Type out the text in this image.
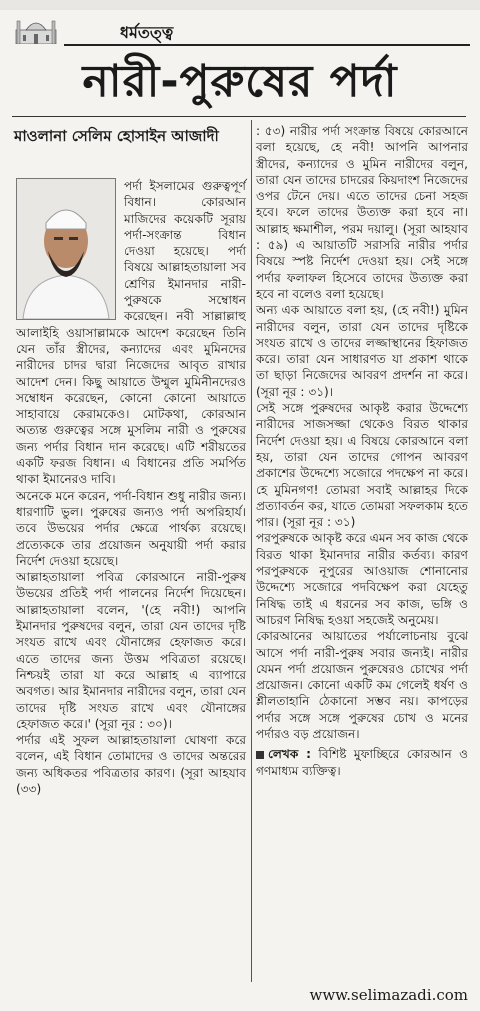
ধর্মতত্ত্ব
নারী-পুরুষের পর্দা
মাওলানা সেলিম হোসাইন আজাদী

পর্দা ইসলামের গুরুত্বপূর্ণ বিধান। কোরআন মাজিদের কয়েকটি সূরায় পর্দা-সংক্রান্ত বিধান দেওয়া হয়েছে। পর্দা বিষয়ে আল্লাহতায়ালা সব শ্রেণির ইমানদার নারী-পুরুষকে সম্বোধন করেছেন। নবী সাল্লাল্লাহু আলাইহি ওয়াসাল্লামকে আদেশ করেছেন তিনি যেন তাঁর স্ত্রীদের, কন্যাদের এবং মুমিনদের নারীদের চাদর দ্বারা নিজেদের আবৃত রাখার আদেশ দেন। কিছু আয়াতে উম্মুল মুমিনীনদেরও সম্বোধন করেছেন, কোনো কোনো আয়াতে সাহাবায়ে কেরামকেও। মোটকথা, কোরআন অত্যন্ত গুরুত্বের সঙ্গে মুসলিম নারী ও পুরুষের জন্য পর্দার বিধান দান করেছে। এটি শরীয়তের একটি ফরজ বিধান। এ বিধানের প্রতি সমর্পিত থাকা ইমানেরও দাবি।

অনেকে মনে করেন, পর্দা-বিধান শুধু নারীর জন্য। ধারণাটি ভুল। পুরুষের জন্যও পর্দা অপরিহার্য। তবে উভয়ের পর্দার ক্ষেত্রে পার্থক্য রয়েছে। প্রত্যেককে তার প্রয়োজন অনুযায়ী পর্দা করার নির্দেশ দেওয়া হয়েছে।

আল্লাহতায়ালা পবিত্র কোরআনে নারী-পুরুষ উভয়ের প্রতিই পর্দা পালনের নির্দেশ দিয়েছেন। আল্লাহতায়ালা বলেন, '(হে নবী!) আপনি ইমানদার পুরুষদের বলুন, তারা যেন তাদের দৃষ্টি সংযত রাখে এবং যৌনাঙ্গের হেফাজত করে। এতে তাদের জন্য উত্তম পবিত্রতা রয়েছে। নিশ্চয়ই তারা যা করে আল্লাহ এ ব্যাপারে অবগত। আর ইমানদার নারীদের বলুন, তারা যেন তাদের দৃষ্টি সংযত রাখে এবং যৌনাঙ্গের হেফাজত করে।' (সূরা নূর : ৩০)।

পর্দার এই সুফল আল্লাহতায়ালা ঘোষণা করে বলেন, এই বিধান তোমাদের ও তাদের অন্তরের জন্য অধিকতর পবিত্রতার কারণ। (সূরা আহযাব (৩৩)

: ৫৩) নারীর পর্দা সংক্রান্ত বিষয়ে কোরআনে বলা হয়েছে, হে নবী! আপনি আপনার স্ত্রীদের, কন্যাদের ও মুমিন নারীদের বলুন, তারা যেন তাদের চাদরের কিয়দাংশ নিজেদের ওপর টেনে দেয়। এতে তাদের চেনা সহজ হবে। ফলে তাদের উত্যক্ত করা হবে না। আল্লাহ ক্ষমাশীল, পরম দয়ালু। (সূরা আহযাব : ৫৯) এ আয়াতটি সরাসরি নারীর পর্দার বিষয়ে স্পষ্ট নির্দেশ দেওয়া হয়। সেই সঙ্গে পর্দার ফলাফল হিসেবে তাদের উত্যক্ত করা হবে না বলেও বলা হয়েছে।

অন্য এক আয়াতে বলা হয়, (হে নবী!) মুমিন নারীদের বলুন, তারা যেন তাদের দৃষ্টিকে সংযত রাখে ও তাদের লজ্জাস্থানের হিফাজত করে। তারা যেন সাধারণত যা প্রকাশ থাকে তা ছাড়া নিজেদের আবরণ প্রদর্শন না করে। (সূরা নূর : ৩১)।

সেই সঙ্গে পুরুষদের আকৃষ্ট করার উদ্দেশ্যে নারীদের সাজসজ্জা থেকেও বিরত থাকার নির্দেশ দেওয়া হয়। এ বিষয়ে কোরআনে বলা হয়, তারা যেন তাদের গোপন আবরণ প্রকাশের উদ্দেশ্যে সজোরে পদক্ষেপ না করে। হে মুমিনগণ! তোমরা সবাই আল্লাহর দিকে প্রত্যাবর্তন কর, যাতে তোমরা সফলকাম হতে পার। (সূরা নূর : ৩১)

পরপুরুষকে আকৃষ্ট করে এমন সব কাজ থেকে বিরত থাকা ইমানদার নারীর কর্তব্য। কারণ পরপুরুষকে নূপুরের আওয়াজ শোনানোর উদ্দেশ্যে সজোরে পদবিক্ষেপ করা যেহেতু নিষিদ্ধ তাই এ ধরনের সব কাজ, ভঙ্গি ও আচরণ নিষিদ্ধ হওয়া সহজেই অনুমেয়।

কোরআনের আয়াতের পর্যালোচনায় বুঝে আসে পর্দা নারী-পুরুষ সবার জন্যই। নারীর যেমন পর্দা প্রয়োজন পুরুষেরও চোখের পর্দা প্রয়োজন। কোনো একটি কম গেলেই ধর্ষণ ও শ্লীলতাহানি ঠেকানো সম্ভব নয়। কাপড়ের পর্দার সঙ্গে সঙ্গে পুরুষের চোখ ও মনের পর্দারও বড় প্রয়োজন।

লেখক : বিশিষ্ট মুফাচ্ছিরে কোরআন ও গণমাধ্যম ব্যক্তিত্ব।

www.selimazadi.com
